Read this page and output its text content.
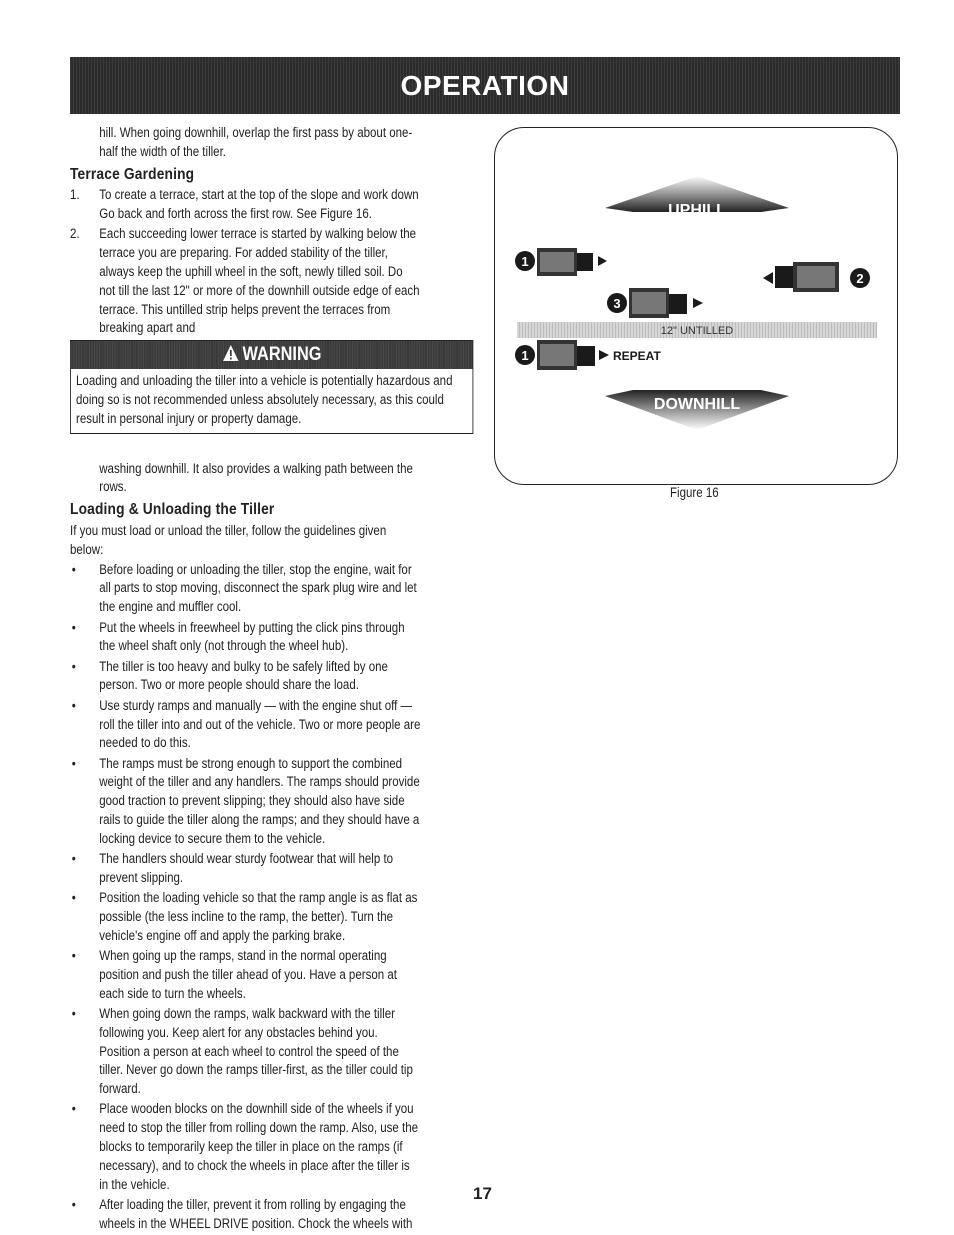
OPERATION

hill. When going downhill, overlap the first pass by about one-half the width of the tiller.

Terrace Gardening
1.	To create a terrace, start at the top of the slope and work down Go back and forth across the first row. See Figure 16.
2.	Each succeeding lower terrace is started by walking below the terrace you are preparing. For added stability of the tiller, always keep the uphill wheel in the soft, newly tilled soil. Do not till the last 12" or more of the downhill outside edge of each terrace. This untilled strip helps prevent the terraces from breaking apart and
WARNING
Loading and unloading the tiller into a vehicle is potentially hazardous and doing so is not recommended unless absolutely necessary, as this could result in personal injury or property damage.

washing downhill. It also provides a walking path between the rows.

Loading & Unloading the Tiller

If you must load or unload the tiller, follow the guidelines given below:

•	Before loading or unloading the tiller, stop the engine, wait for all parts to stop moving, disconnect the spark plug wire and let the engine and muffler cool.
•	Put the wheels in freewheel by putting the click pins through the wheel shaft only (not through the wheel hub).
•	The tiller is too heavy and bulky to be safely lifted by one person. Two or more people should share the load.
•	Use sturdy ramps and manually — with the engine shut off — roll the tiller into and out of the vehicle. Two or more people are needed to do this.
•	The ramps must be strong enough to support the combined weight of the tiller and any handlers. The ramps should provide good traction to prevent slipping; they should also have side rails to guide the tiller along the ramps; and they should have a locking device to secure them to the vehicle.
•	The handlers should wear sturdy footwear that will help to prevent slipping.
•	Position the loading vehicle so that the ramp angle is as flat as possible (the less incline to the ramp, the better). Turn the vehicle's engine off and apply the parking brake.
•	When going up the ramps, stand in the normal operating position and push the tiller ahead of you. Have a person at each side to turn the wheels.
•	When going down the ramps, walk backward with the tiller following you. Keep alert for any obstacles behind you. Position a person at each wheel to control the speed of the tiller. Never go down the ramps tiller-first, as the tiller could tip forward.
•	Place wooden blocks on the downhill side of the wheels if you need to stop the tiller from rolling down the ramp. Also, use the blocks to temporarily keep the tiller in place on the ramps (if necessary), and to chock the wheels in place after the tiller is in the vehicle.
•	After loading the tiller, prevent it from rolling by engaging the wheels in the WHEEL DRIVE position. Chock the wheels with
UPHILL
1
2
3
12" UNTILLED
1	REPEAT
DOWNHILL
Figure 16
17
